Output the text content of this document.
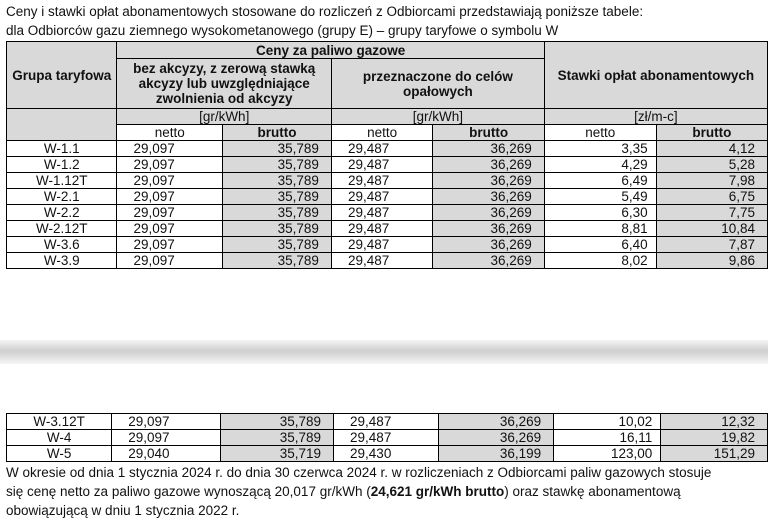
Ceny i stawki opłat abonamentowych stosowane do rozliczeń z Odbiorcami przedstawiają poniższe tabele:
dla Odbiorców gazu ziemnego wysokometanowego (grupy E) – grupy taryfowe o symbolu W
Grupa taryfowa	Ceny za paliwo gazowe				Stawki opłat abonamentowych	
	bez akcyzy, z zerową stawką akcyzy lub uwzględniające zwolnienia od akcyzy		przeznaczone do celów opałowych			
	[gr/kWh]		[gr/kWh]		[zł/m-c]	
	netto	brutto	netto	brutto	netto	brutto
W-1.1	29,097	35,789	29,487	36,269	3,35	4,12
W-1.2	29,097	35,789	29,487	36,269	4,29	5,28
W-1.12T	29,097	35,789	29,487	36,269	6,49	7,98
W-2.1	29,097	35,789	29,487	36,269	5,49	6,75
W-2.2	29,097	35,789	29,487	36,269	6,30	7,75
W-2.12T	29,097	35,789	29,487	36,269	8,81	10,84
W-3.6	29,097	35,789	29,487	36,269	6,40	7,87
W-3.9	29,097	35,789	29,487	36,269	8,02	9,86
W-3.12T	29,097	35,789	29,487	36,269	10,02	12,32
W-4	29,097	35,789	29,487	36,269	16,11	19,82
W-5	29,040	35,719	29,430	36,199	123,00	151,29
W okresie od dnia 1 stycznia 2024 r. do dnia 30 czerwca 2024 r. w rozliczeniach z Odbiorcami paliw gazowych stosuje
się cenę netto za paliwo gazowe wynoszącą 20,017 gr/kWh (24,621 gr/kWh brutto) oraz stawkę abonamentową
obowiązującą w dniu 1 stycznia 2022 r.
